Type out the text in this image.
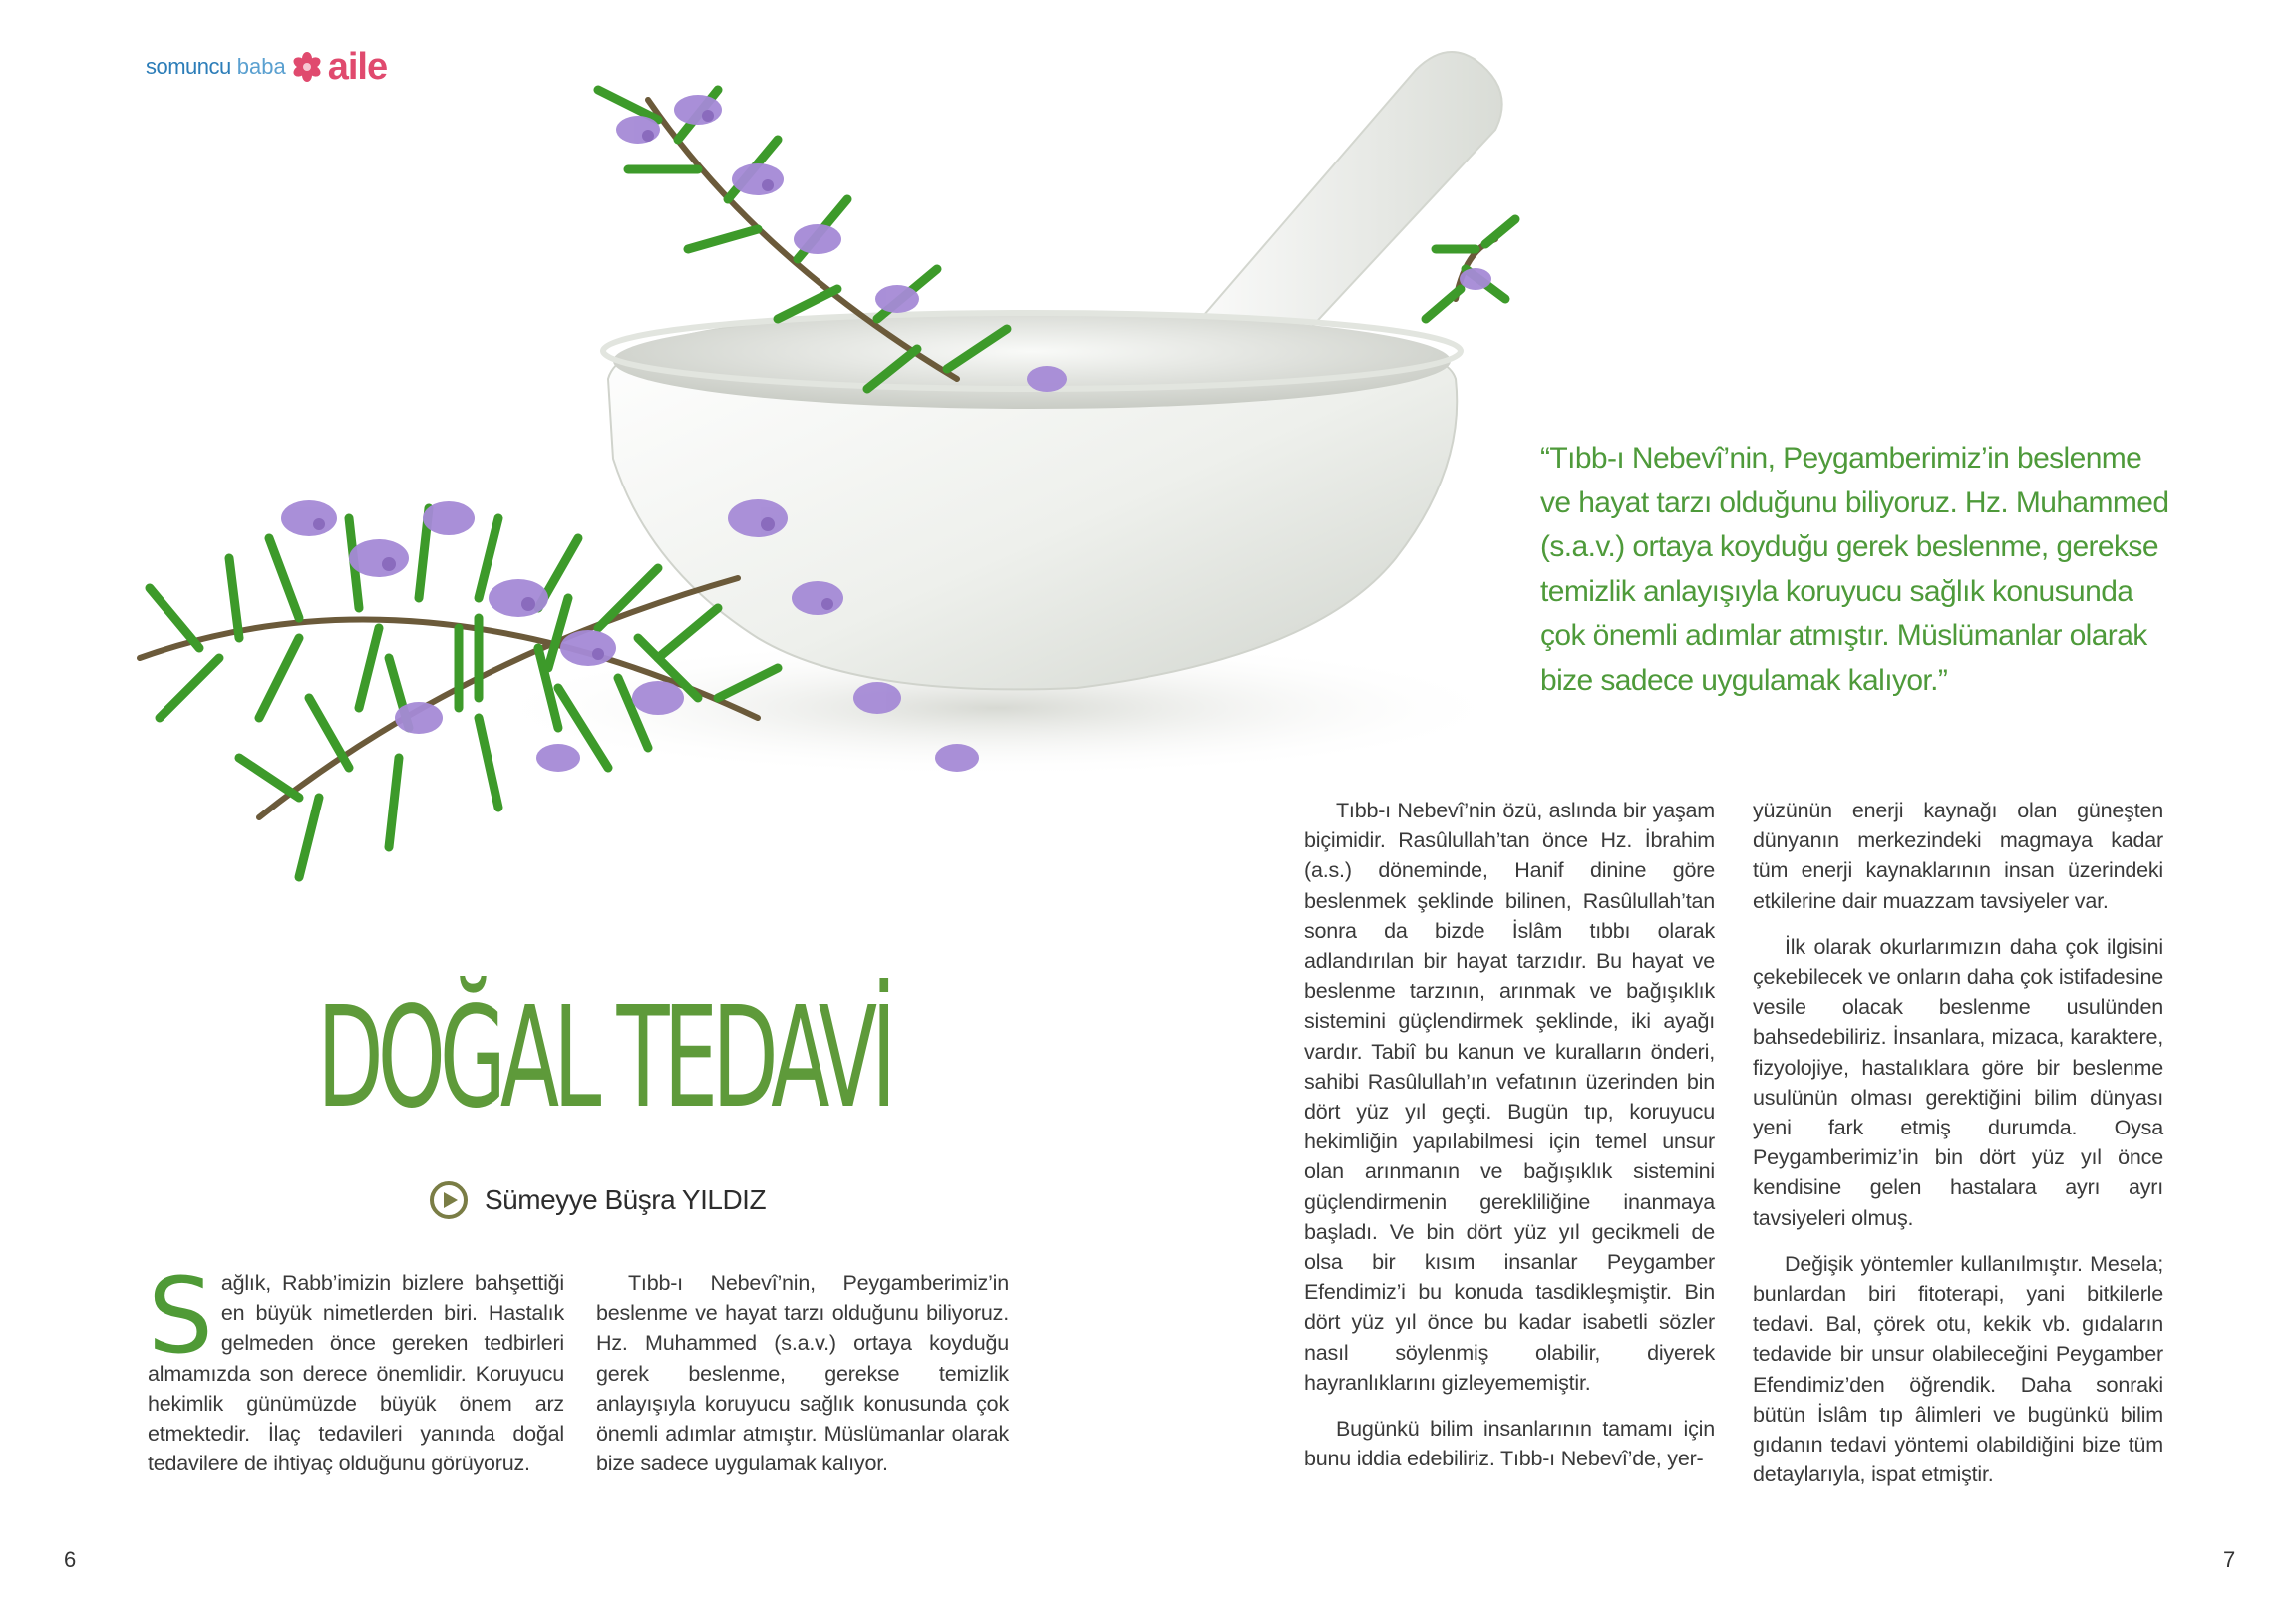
somuncu baba aile
“Tıbb-ı Nebevî’nin, Peygamberimiz’in beslenme ve hayat tarzı olduğunu biliyoruz. Hz. Muhammed (s.a.v.) ortaya koyduğu gerek beslenme, gerekse temizlik anlayışıyla koruyucu sağlık konusunda çok önemli adımlar atmıştır. Müslümanlar olarak bize sadece uygulamak kalıyor.”
DOĞAL TEDAVİ
Sümeyye Büşra YILDIZ

Sağlık, Rabb’imizin bizlere bahşettiği en büyük nimetlerden biri. Hastalık gelmeden önce gereken tedbirleri almamızda son derece önemlidir. Koruyucu hekimlik günümüzde büyük önem arz etmektedir. İlaç tedavileri yanında doğal tedavilere de ihtiyaç olduğunu görüyoruz.

Tıbb-ı Nebevî’nin, Peygamberimiz’in beslenme ve hayat tarzı olduğunu biliyoruz. Hz. Muhammed (s.a.v.) ortaya koyduğu gerek beslenme, gerekse temizlik anlayışıyla koruyucu sağlık konusunda çok önemli adımlar atmıştır. Müslümanlar olarak bize sadece uygulamak kalıyor.

Tıbb-ı Nebevî’nin özü, aslında bir yaşam biçimidir. Rasûlullah’tan önce Hz. İbrahim (a.s.) döneminde, Hanif dinine göre beslenmek şeklinde bilinen, Rasûlullah’tan sonra da bizde İslâm tıbbı olarak adlandırılan bir hayat tarzıdır. Bu hayat ve beslenme tarzının, arınmak ve bağışıklık sistemini güçlendirmek şeklinde, iki ayağı vardır. Tabiî bu kanun ve kuralların önderi, sahibi Rasûlullah’ın vefatının üzerinden bin dört yüz yıl geçti. Bugün tıp, koruyucu hekimliğin yapılabilmesi için temel unsur olan arınmanın ve bağışıklık sistemini güçlendirmenin gerekliliğine inanmaya başladı. Ve bin dört yüz yıl gecikmeli de olsa bir kısım insanlar Peygamber Efendimiz’i bu konuda tasdikleşmiştir. Bin dört yüz yıl önce bu kadar isabetli sözler nasıl söylenmiş olabilir, diyerek hayranlıklarını gizleyememiştir.

Bugünkü bilim insanlarının tamamı için bunu iddia edebiliriz. Tıbb-ı Nebevî’de, yer-

yüzünün enerji kaynağı olan güneşten dünyanın merkezindeki magmaya kadar tüm enerji kaynaklarının insan üzerindeki etkilerine dair muazzam tavsiyeler var.

İlk olarak okurlarımızın daha çok ilgisini çekebilecek ve onların daha çok istifadesine vesile olacak beslenme usulünden bahsedebiliriz. İnsanlara, mizaca, karaktere, fizyolojiye, hastalıklara göre bir beslenme usulünün olması gerektiğini bilim dünyası yeni fark etmiş durumda. Oysa Peygamberimiz’in bin dört yüz yıl önce kendisine gelen hastalara ayrı ayrı tavsiyeleri olmuş.

Değişik yöntemler kullanılmıştır. Mesela; bunlardan biri fitoterapi, yani bitkilerle tedavi. Bal, çörek otu, kekik vb. gıdaların tedavide bir unsur olabileceğini Peygamber Efendimiz’den öğrendik. Daha sonraki bütün İslâm tıp âlimleri ve bugünkü bilim gıdanın tedavi yöntemi olabildiğini bize tüm detaylarıyla, ispat etmiştir.

6	7
